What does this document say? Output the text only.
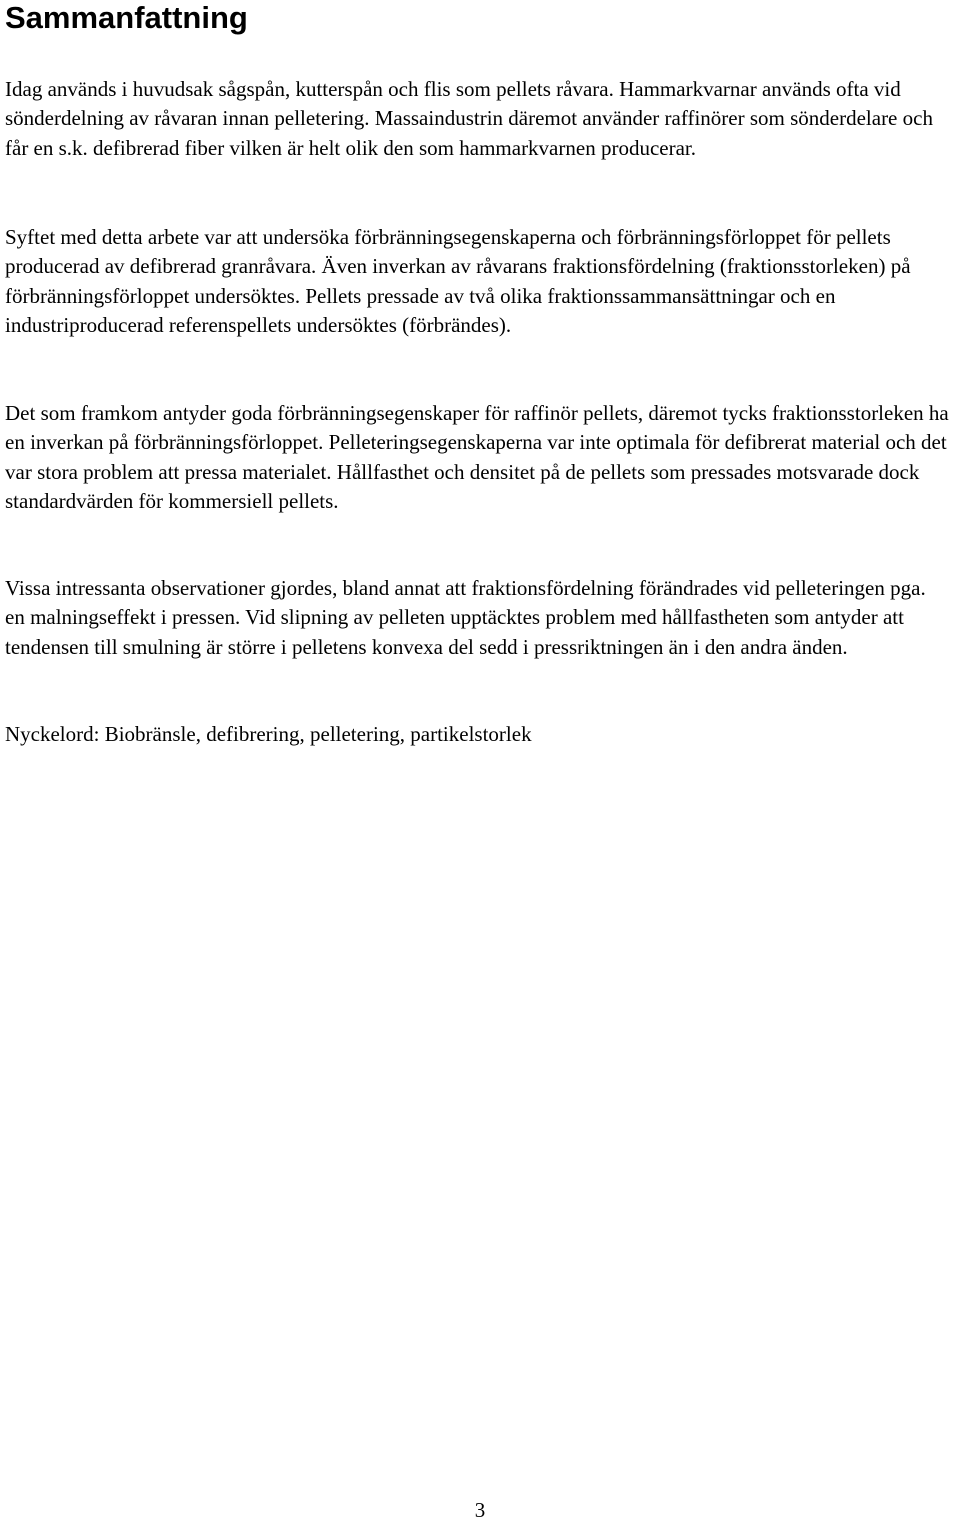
Sammanfattning

Idag används i huvudsak sågspån, kutterspån och flis som pellets råvara. Hammarkvarnar används ofta vid sönderdelning av råvaran innan pelletering. Massaindustrin däremot använder raffinörer som sönderdelare och får en s.k. defibrerad fiber vilken är helt olik den som hammarkvarnen producerar.

Syftet med detta arbete var att undersöka förbränningsegenskaperna och förbränningsförloppet för pellets producerad av defibrerad granråvara. Även inverkan av råvarans fraktionsfördelning (fraktionsstorleken) på förbränningsförloppet undersöktes. Pellets pressade av två olika fraktionssammansättningar och en industriproducerad referenspellets undersöktes (förbrändes).

Det som framkom antyder goda förbränningsegenskaper för raffinör pellets, däremot tycks fraktionsstorleken ha en inverkan på förbränningsförloppet. Pelleteringsegenskaperna var inte optimala för defibrerat material och det var stora problem att pressa materialet. Hållfasthet och densitet på de pellets som pressades motsvarade dock standardvärden för kommersiell pellets.

Vissa intressanta observationer gjordes, bland annat att fraktionsfördelning förändrades vid pelleteringen pga. en malningseffekt i pressen. Vid slipning av pelleten upptäcktes problem med hållfastheten som antyder att tendensen till smulning är större i pelletens konvexa del sedd i pressriktningen än i den andra änden.

Nyckelord: Biobränsle, defibrering, pelletering, partikelstorlek

3
